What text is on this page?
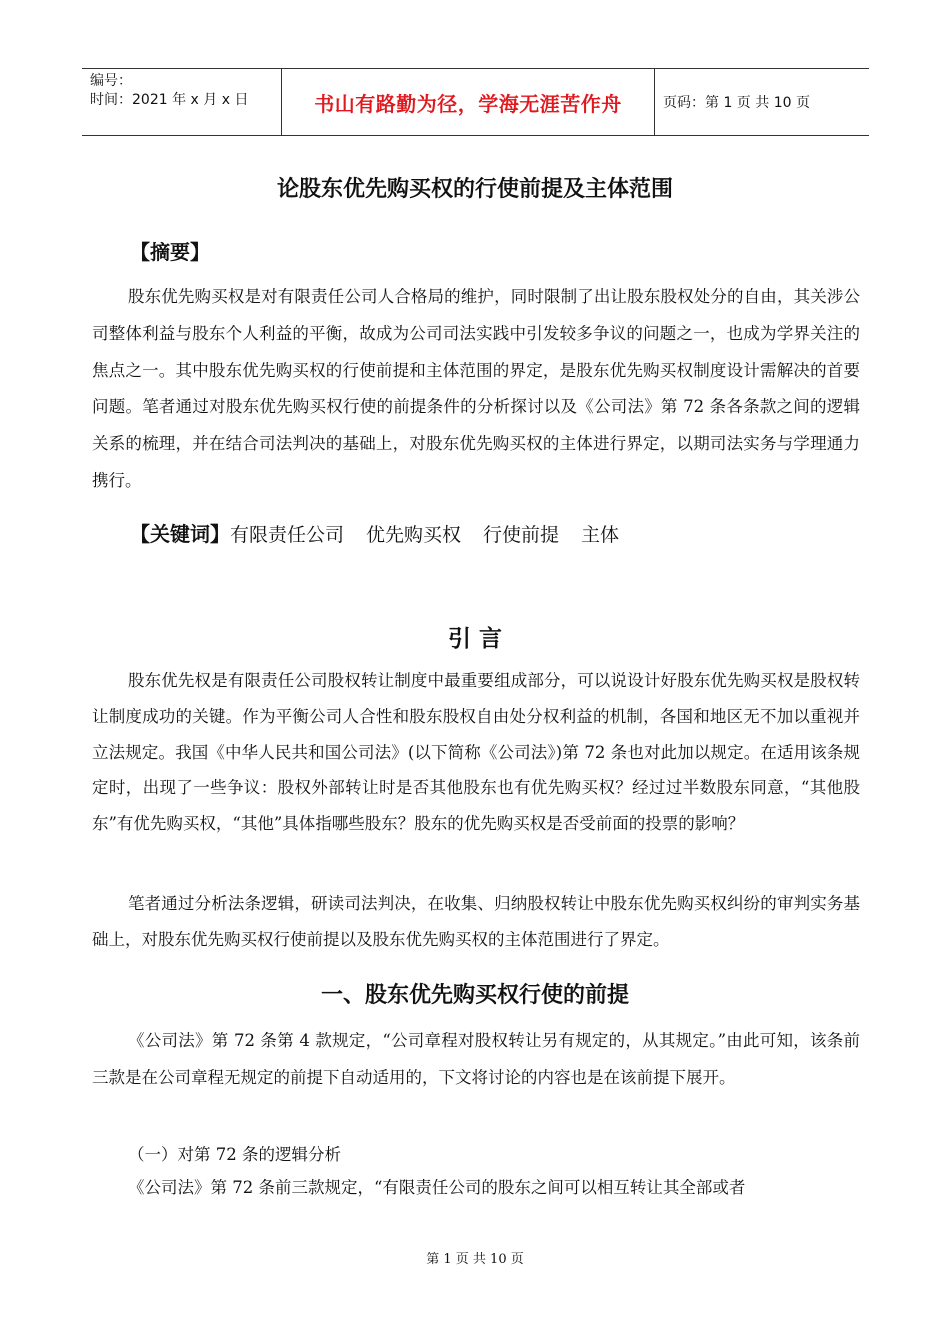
编号：
时间：2021 年 x 月 x 日	书山有路勤为径，学海无涯苦作舟	页码：第 1 页 共 10 页
论股东优先购买权的行使前提及主体范围
【摘要】

股东优先购买权是对有限责任公司人合格局的维护，同时限制了出让股东股权处分的自由，其关涉公司整体利益与股东个人利益的平衡，故成为公司司法实践中引发较多争议的问题之一，也成为学界关注的焦点之一。其中股东优先购买权的行使前提和主体范围的界定，是股东优先购买权制度设计需解决的首要问题。笔者通过对股东优先购买权行使的前提条件的分析探讨以及《公司法》第 72 条各条款之间的逻辑关系的梳理，并在结合司法判决的基础上，对股东优先购买权的主体进行界定，以期司法实务与学理通力携行。

【关键词】 有限责任公司 优先购买权 行使前提 主体
引 言

股东优先权是有限责任公司股权转让制度中最重要组成部分，可以说设计好股东优先购买权是股权转让制度成功的关键。作为平衡公司人合性和股东股权自由处分权利益的机制，各国和地区无不加以重视并立法规定。我国《中华人民共和国公司法》(以下简称《公司法》)第 72 条也对此加以规定。在适用该条规定时，出现了一些争议：股权外部转让时是否其他股东也有优先购买权？经过过半数股东同意，“其他股东”有优先购买权，“其他”具体指哪些股东？股东的优先购买权是否受前面的投票的影响？

笔者通过分析法条逻辑，研读司法判决，在收集、归纳股权转让中股东优先购买权纠纷的审判实务基础上，对股东优先购买权行使前提以及股东优先购买权的主体范围进行了界定。

一、股东优先购买权行使的前提

《公司法》第 72 条第 4 款规定，“公司章程对股权转让另有规定的，从其规定。”由此可知，该条前三款是在公司章程无规定的前提下自动适用的，下文将讨论的内容也是在该前提下展开。

（一）对第 72 条的逻辑分析

《公司法》第 72 条前三款规定，“有限责任公司的股东之间可以相互转让其全部或者

第 1 页 共 10 页
